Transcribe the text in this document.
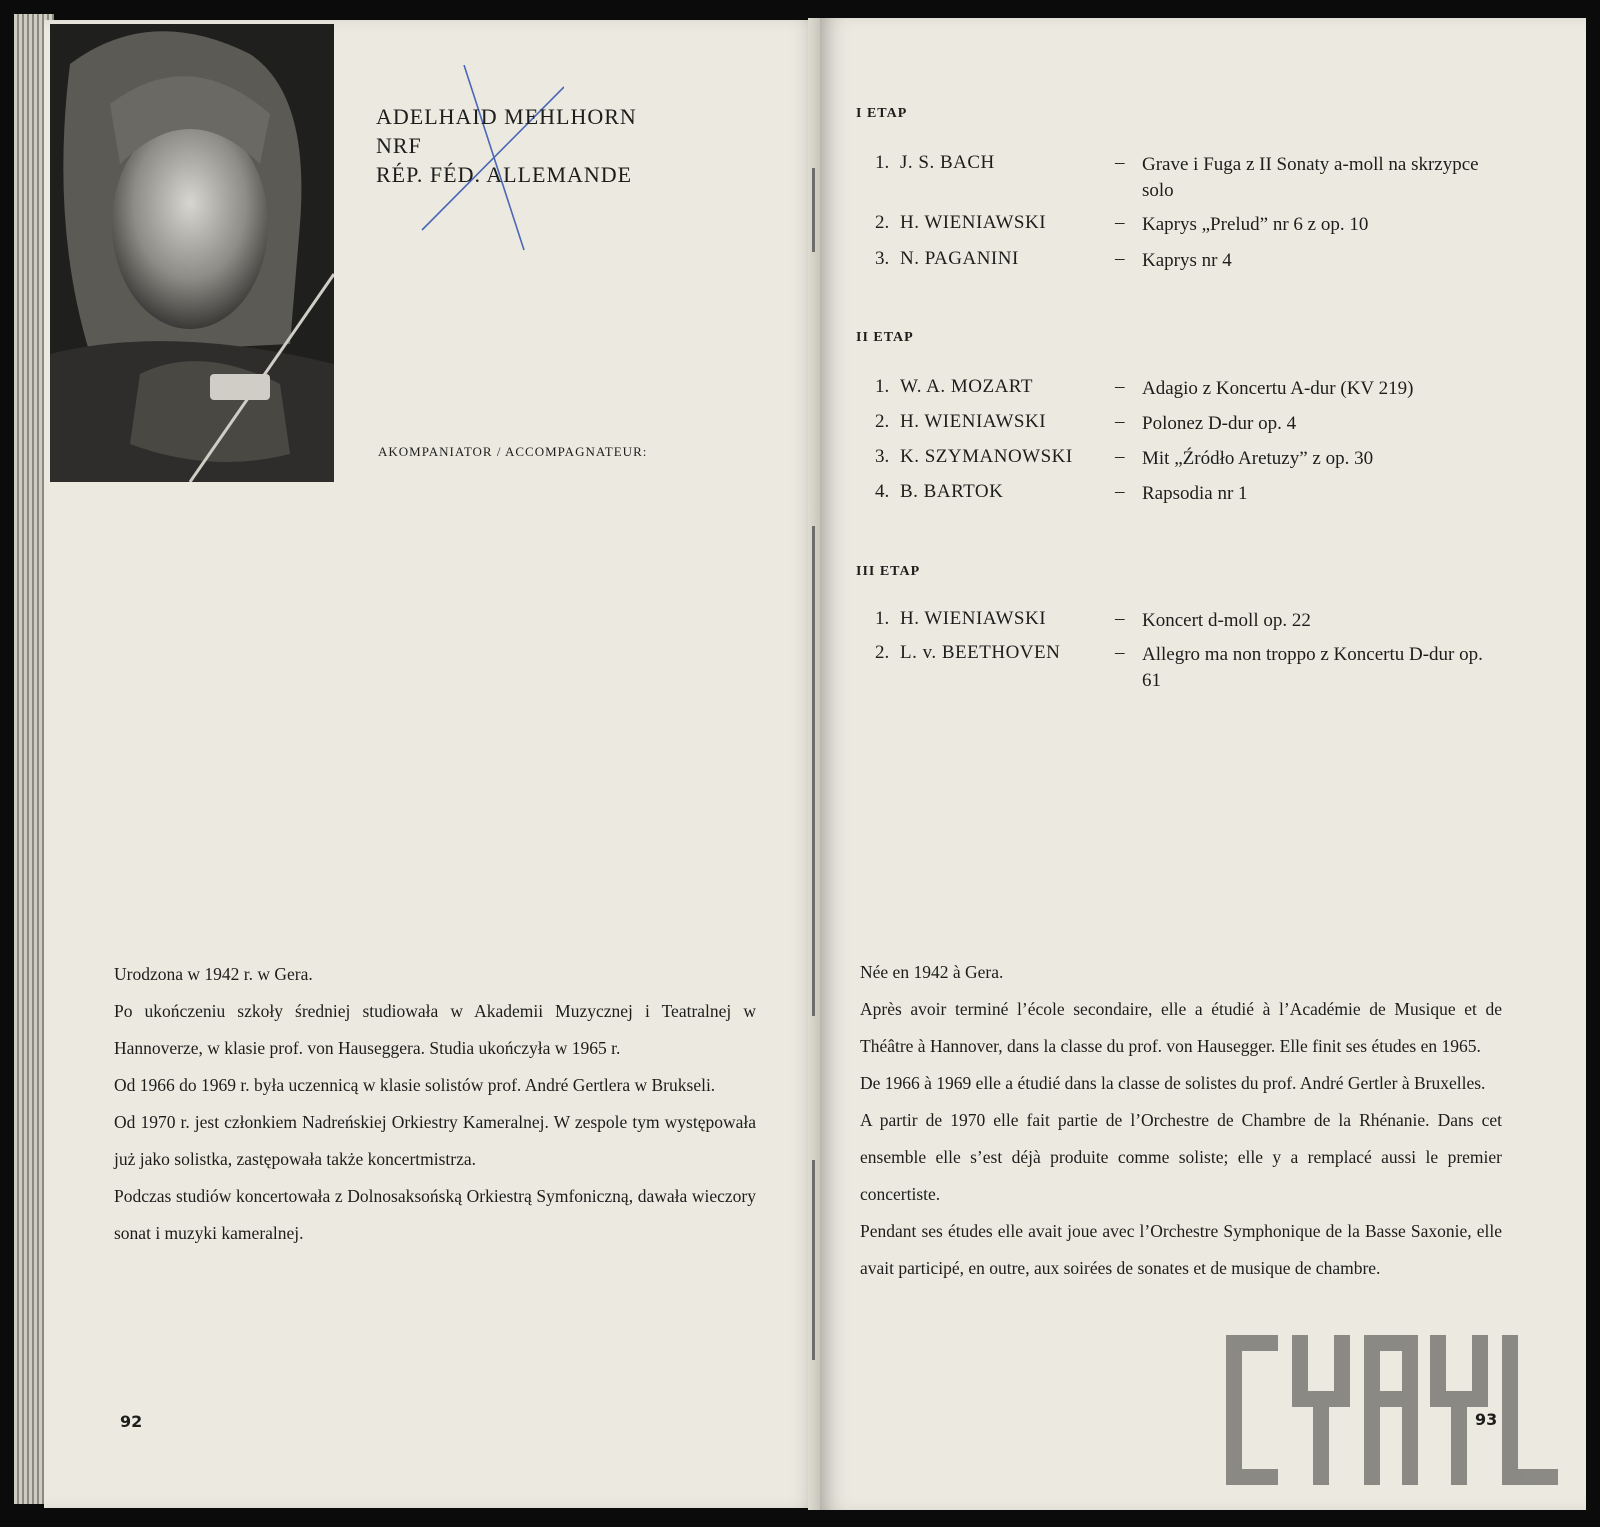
ADELHAID MEHLHORN
NRF
RÉP. FÉD. ALLEMANDE
AKOMPANIATOR / ACCOMPAGNATEUR:

Urodzona w 1942 r. w Gera.

Po ukończeniu szkoły średniej studiowała w Akademii Muzycznej i Teatralnej w Hannoverze, w klasie prof. von Hauseggera. Studia ukończyła w 1965 r.

Od 1966 do 1969 r. była uczennicą w klasie solistów prof. André Gertlera w Brukseli.

Od 1970 r. jest członkiem Nadreńskiej Orkiestry Kameralnej. W zespole tym występowała już jako solistka, zastępowała także koncertmistrza.

Podczas studiów koncertowała z Dolnosaksońską Orkiestrą Symfoniczną, dawała wieczory sonat i muzyki kameralnej.

92
I ETAP
1. J. S. BACH	– Grave i Fuga z II Sonaty a-moll na skrzypce solo
2. H. WIENIAWSKI	– Kaprys „Prelud” nr 6 z op. 10
3. N. PAGANINI	– Kaprys nr 4
II ETAP
1. W. A. MOZART	– Adagio z Koncertu A-dur (KV 219)
2. H. WIENIAWSKI	– Polonez D-dur op. 4
3. K. SZYMANOWSKI – Mit „Źródło Aretuzy” z op. 30
4. B. BARTOK	– Rapsodia nr 1
III ETAP
1. H. WIENIAWSKI	– Koncert d-moll op. 22
2. L. v. BEETHOVEN	– Allegro ma non troppo z Koncertu D-dur op. 61

Née en 1942 à Gera.

Après avoir terminé l’école secondaire, elle a étudié à l’Académie de Musique et de Théâtre à Hannover, dans la classe du prof. von Hausegger. Elle finit ses études en 1965.

De 1966 à 1969 elle a étudié dans la classe de solistes du prof. André Gertler à Bruxelles.

A partir de 1970 elle fait partie de l’Orchestre de Chambre de la Rhénanie. Dans cet ensemble elle s’est déjà produite comme soliste; elle y a remplacé aussi le premier concertiste.

Pendant ses études elle avait joue avec l’Orchestre Symphonique de la Basse Saxonie, elle avait participé, en outre, aux soirées de sonates et de musique de chambre.

93
